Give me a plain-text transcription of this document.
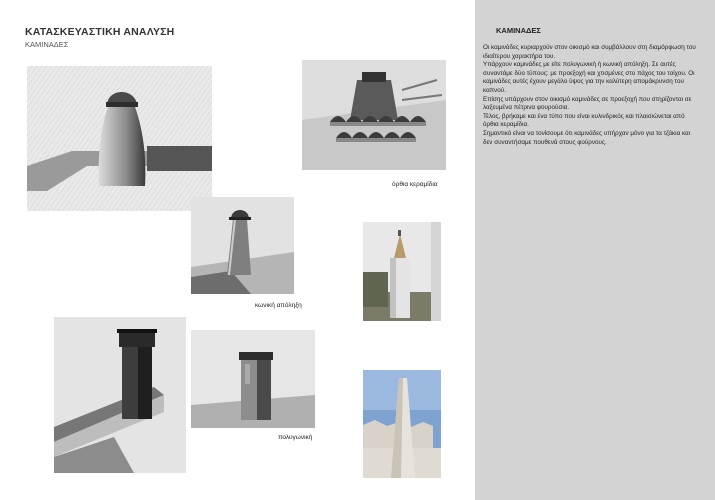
ΚΑΤΑΣΚΕΥΑΣΤΙΚΗ ΑΝΑΛΥΣΗ
ΚΑΜΙΝΑΔΕΣ
όρθια κεραμίδια
κωνική απόληξη
πολυγωνική
ΚΑΜΙΝΑΔΕΣ

Οι καμινάδες κυριαρχούν στον οικισμό και συμβάλλουν στη διαμόρφωση του ιδιαίτερου χαρακτήρα του.

Υπάρχουν καμινάδες με είτε πολυγωνική ή κωνική απόληξη. Σε αυτές συναντάμε δύο τύπους: με προεξοχή και χτισμένες στο πάχος του τοίχου. Οι καμινάδες αυτές έχουν μεγάλο ύψος για την καλύτερη απομάκρυνση του καπνού.

Επίσης υπάρχουν στον οικισμό καμινάδες σε προεξοχή που στηρίζονται σε λαξευμένα πέτρινα φουρούσια.

Τέλος, βρήκαμε και ένα τύπο που είναι κυλινδρικός και πλαισιώνεται από όρθια κεραμίδια.

Σημαντικό είναι να τονίσουμε ότι καμινάδες υπήρχαν μόνο για τα τζάκια και δεν συναντήσαμε πουθενά στους φούρνους.
